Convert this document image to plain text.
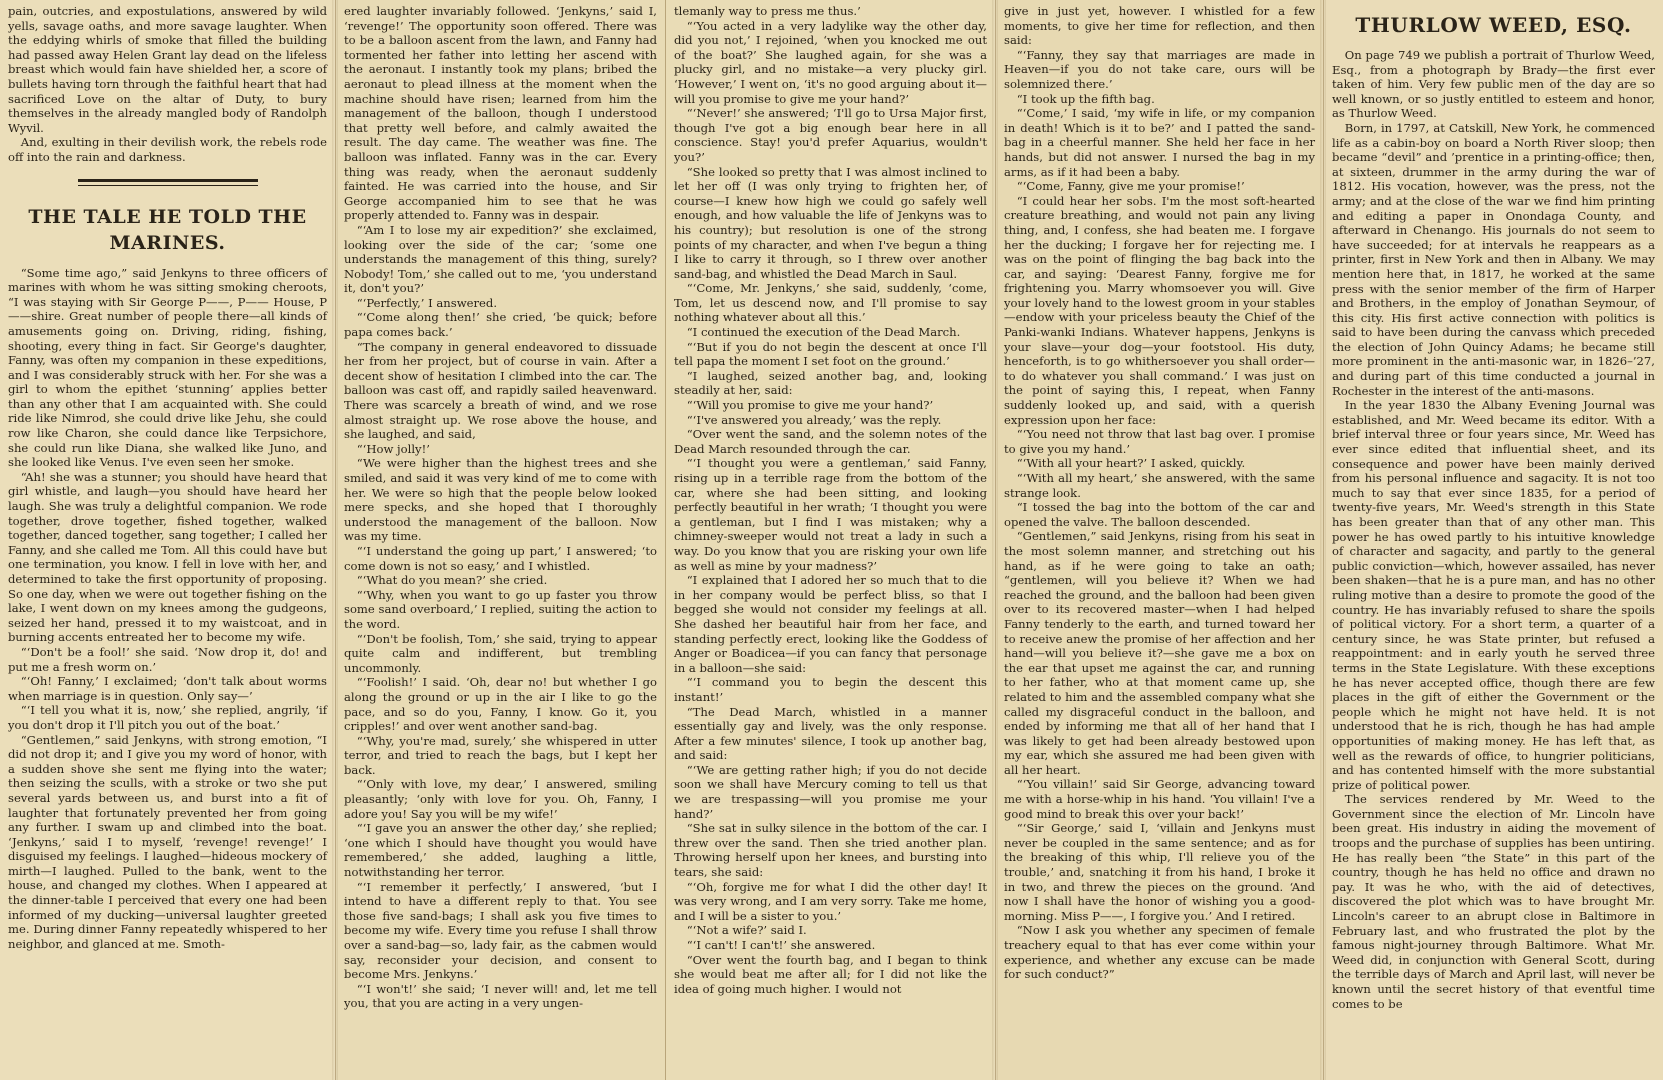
pain, outcries, and expostulations, answered by wild yells, savage oaths, and more savage laughter. When the eddying whirls of smoke that filled the building had passed away Helen Grant lay dead on the lifeless breast which would fain have shielded her, a score of bullets having torn through the faithful heart that had sacrificed Love on the altar of Duty, to bury themselves in the already mangled body of Randolph Wyvil.

And, exulting in their devilish work, the rebels rode off into the rain and darkness.

THE TALE HE TOLD THE MARINES.

“Some time ago,” said Jenkyns to three officers of marines with whom he was sitting smoking cheroots, “I was staying with Sir George P——, P—— House, P——shire. Great number of people there—all kinds of amusements going on. Driving, riding, fishing, shooting, every thing in fact. Sir George's daughter, Fanny, was often my companion in these expeditions, and I was considerably struck with her. For she was a girl to whom the epithet ‘stunning’ applies better than any other that I am acquainted with. She could ride like Nimrod, she could drive like Jehu, she could row like Charon, she could dance like Terpsichore, she could run like Diana, she walked like Juno, and she looked like Venus. I've even seen her smoke.

“Ah! she was a stunner; you should have heard that girl whistle, and laugh—you should have heard her laugh. She was truly a delightful companion. We rode together, drove together, fished together, walked together, danced together, sang together; I called her Fanny, and she called me Tom. All this could have but one termination, you know. I fell in love with her, and determined to take the first opportunity of proposing. So one day, when we were out together fishing on the lake, I went down on my knees among the gudgeons, seized her hand, pressed it to my waistcoat, and in burning accents entreated her to become my wife.

“‘Don't be a fool!’ she said. ‘Now drop it, do! and put me a fresh worm on.’

“‘Oh! Fanny,’ I exclaimed; ‘don't talk about worms when marriage is in question. Only say—’

“‘I tell you what it is, now,’ she replied, angrily, ‘if you don't drop it I'll pitch you out of the boat.’

“Gentlemen,” said Jenkyns, with strong emotion, “I did not drop it; and I give you my word of honor, with a sudden shove she sent me flying into the water; then seizing the sculls, with a stroke or two she put several yards between us, and burst into a fit of laughter that fortunately prevented her from going any further. I swam up and climbed into the boat. ‘Jenkyns,’ said I to myself, ‘revenge! revenge!’ I disguised my feelings. I laughed—hideous mockery of mirth—I laughed. Pulled to the bank, went to the house, and changed my clothes. When I appeared at the dinner-table I perceived that every one had been informed of my ducking—universal laughter greeted me. During dinner Fanny repeatedly whispered to her neighbor, and glanced at me. Smoth-

ered laughter invariably followed. ‘Jenkyns,’ said I, ‘revenge!’ The opportunity soon offered. There was to be a balloon ascent from the lawn, and Fanny had tormented her father into letting her ascend with the aeronaut. I instantly took my plans; bribed the aeronaut to plead illness at the moment when the machine should have risen; learned from him the management of the balloon, though I understood that pretty well before, and calmly awaited the result. The day came. The weather was fine. The balloon was inflated. Fanny was in the car. Every thing was ready, when the aeronaut suddenly fainted. He was carried into the house, and Sir George accompanied him to see that he was properly attended to. Fanny was in despair.

“‘Am I to lose my air expedition?’ she exclaimed, looking over the side of the car; ‘some one understands the management of this thing, surely? Nobody! Tom,’ she called out to me, ‘you understand it, don't you?’

“‘Perfectly,’ I answered.

“‘Come along then!’ she cried, ‘be quick; before papa comes back.’

“The company in general endeavored to dissuade her from her project, but of course in vain. After a decent show of hesitation I climbed into the car. The balloon was cast off, and rapidly sailed heavenward. There was scarcely a breath of wind, and we rose almost straight up. We rose above the house, and she laughed, and said,

“‘How jolly!’

“We were higher than the highest trees and she smiled, and said it was very kind of me to come with her. We were so high that the people below looked mere specks, and she hoped that I thoroughly understood the management of the balloon. Now was my time.

“‘I understand the going up part,’ I answered; ‘to come down is not so easy,’ and I whistled.

“‘What do you mean?’ she cried.

“‘Why, when you want to go up faster you throw some sand overboard,’ I replied, suiting the action to the word.

“‘Don't be foolish, Tom,’ she said, trying to appear quite calm and indifferent, but trembling uncommonly.

“‘Foolish!’ I said. ‘Oh, dear no! but whether I go along the ground or up in the air I like to go the pace, and so do you, Fanny, I know. Go it, you cripples!’ and over went another sand-bag.

“‘Why, you're mad, surely,’ she whispered in utter terror, and tried to reach the bags, but I kept her back.

“‘Only with love, my dear,’ I answered, smiling pleasantly; ‘only with love for you. Oh, Fanny, I adore you! Say you will be my wife!’

“‘I gave you an answer the other day,’ she replied; ‘one which I should have thought you would have remembered,’ she added, laughing a little, notwithstanding her terror.

“‘I remember it perfectly,’ I answered, ‘but I intend to have a different reply to that. You see those five sand-bags; I shall ask you five times to become my wife. Every time you refuse I shall throw over a sand-bag—so, lady fair, as the cabmen would say, reconsider your decision, and consent to become Mrs. Jenkyns.’

“‘I won't!’ she said; ‘I never will! and, let me tell you, that you are acting in a very ungen-

tlemanly way to press me thus.’

“‘You acted in a very ladylike way the other day, did you not,’ I rejoined, ‘when you knocked me out of the boat?’ She laughed again, for she was a plucky girl, and no mistake—a very plucky girl. ‘However,’ I went on, ‘it's no good arguing about it—will you promise to give me your hand?’

“‘Never!’ she answered; ‘I'll go to Ursa Major first, though I've got a big enough bear here in all conscience. Stay! you'd prefer Aquarius, wouldn't you?’

“She looked so pretty that I was almost inclined to let her off (I was only trying to frighten her, of course—I knew how high we could go safely well enough, and how valuable the life of Jenkyns was to his country); but resolution is one of the strong points of my character, and when I've begun a thing I like to carry it through, so I threw over another sand-bag, and whistled the Dead March in Saul.

“‘Come, Mr. Jenkyns,’ she said, suddenly, ‘come, Tom, let us descend now, and I'll promise to say nothing whatever about all this.’

“I continued the execution of the Dead March.

“‘But if you do not begin the descent at once I'll tell papa the moment I set foot on the ground.’

“I laughed, seized another bag, and, looking steadily at her, said:

“‘Will you promise to give me your hand?’

“‘I've answered you already,’ was the reply.

“Over went the sand, and the solemn notes of the Dead March resounded through the car.

“‘I thought you were a gentleman,’ said Fanny, rising up in a terrible rage from the bottom of the car, where she had been sitting, and looking perfectly beautiful in her wrath; ‘I thought you were a gentleman, but I find I was mistaken; why a chimney-sweeper would not treat a lady in such a way. Do you know that you are risking your own life as well as mine by your madness?’

“I explained that I adored her so much that to die in her company would be perfect bliss, so that I begged she would not consider my feelings at all. She dashed her beautiful hair from her face, and standing perfectly erect, looking like the Goddess of Anger or Boadicea—if you can fancy that personage in a balloon—she said:

“‘I command you to begin the descent this instant!’

“The Dead March, whistled in a manner essentially gay and lively, was the only response. After a few minutes' silence, I took up another bag, and said:

“‘We are getting rather high; if you do not decide soon we shall have Mercury coming to tell us that we are trespassing—will you promise me your hand?’

“She sat in sulky silence in the bottom of the car. I threw over the sand. Then she tried another plan. Throwing herself upon her knees, and bursting into tears, she said:

“‘Oh, forgive me for what I did the other day! It was very wrong, and I am very sorry. Take me home, and I will be a sister to you.’

“‘Not a wife?’ said I.

“‘I can't! I can't!’ she answered.

“Over went the fourth bag, and I began to think she would beat me after all; for I did not like the idea of going much higher. I would not

give in just yet, however. I whistled for a few moments, to give her time for reflection, and then said:

“‘Fanny, they say that marriages are made in Heaven—if you do not take care, ours will be solemnized there.’

“I took up the fifth bag.

“‘Come,’ I said, ‘my wife in life, or my companion in death! Which is it to be?’ and I patted the sand-bag in a cheerful manner. She held her face in her hands, but did not answer. I nursed the bag in my arms, as if it had been a baby.

“‘Come, Fanny, give me your promise!’

“I could hear her sobs. I'm the most soft-hearted creature breathing, and would not pain any living thing, and, I confess, she had beaten me. I forgave her the ducking; I forgave her for rejecting me. I was on the point of flinging the bag back into the car, and saying: ‘Dearest Fanny, forgive me for frightening you. Marry whomsoever you will. Give your lovely hand to the lowest groom in your stables—endow with your priceless beauty the Chief of the Panki-wanki Indians. Whatever happens, Jenkyns is your slave—your dog—your footstool. His duty, henceforth, is to go whithersoever you shall order—to do whatever you shall command.’ I was just on the point of saying this, I repeat, when Fanny suddenly looked up, and said, with a querish expression upon her face:

“‘You need not throw that last bag over. I promise to give you my hand.’

“‘With all your heart?’ I asked, quickly.

“‘With all my heart,’ she answered, with the same strange look.

“I tossed the bag into the bottom of the car and opened the valve. The balloon descended.

“Gentlemen,” said Jenkyns, rising from his seat in the most solemn manner, and stretching out his hand, as if he were going to take an oath; “gentlemen, will you believe it? When we had reached the ground, and the balloon had been given over to its recovered master—when I had helped Fanny tenderly to the earth, and turned toward her to receive anew the promise of her affection and her hand—will you believe it?—she gave me a box on the ear that upset me against the car, and running to her father, who at that moment came up, she related to him and the assembled company what she called my disgraceful conduct in the balloon, and ended by informing me that all of her hand that I was likely to get had been already bestowed upon my ear, which she assured me had been given with all her heart.

“‘You villain!’ said Sir George, advancing toward me with a horse-whip in his hand. ‘You villain! I've a good mind to break this over your back!’

“‘Sir George,’ said I, ‘villain and Jenkyns must never be coupled in the same sentence; and as for the breaking of this whip, I'll relieve you of the trouble,’ and, snatching it from his hand, I broke it in two, and threw the pieces on the ground. ‘And now I shall have the honor of wishing you a good-morning. Miss P——, I forgive you.’ And I retired.

“Now I ask you whether any specimen of female treachery equal to that has ever come within your experience, and whether any excuse can be made for such conduct?”

THURLOW WEED, ESQ.

On page 749 we publish a portrait of Thurlow Weed, Esq., from a photograph by Brady—the first ever taken of him. Very few public men of the day are so well known, or so justly entitled to esteem and honor, as Thurlow Weed.

Born, in 1797, at Catskill, New York, he commenced life as a cabin-boy on board a North River sloop; then became “devil” and ’prentice in a printing-office; then, at sixteen, drummer in the army during the war of 1812. His vocation, however, was the press, not the army; and at the close of the war we find him printing and editing a paper in Onondaga County, and afterward in Chenango. His journals do not seem to have succeeded; for at intervals he reappears as a printer, first in New York and then in Albany. We may mention here that, in 1817, he worked at the same press with the senior member of the firm of Harper and Brothers, in the employ of Jonathan Seymour, of this city. His first active connection with politics is said to have been during the canvass which preceded the election of John Quincy Adams; he became still more prominent in the anti-masonic war, in 1826–’27, and during part of this time conducted a journal in Rochester in the interest of the anti-masons.

In the year 1830 the Albany Evening Journal was established, and Mr. Weed became its editor. With a brief interval three or four years since, Mr. Weed has ever since edited that influential sheet, and its consequence and power have been mainly derived from his personal influence and sagacity. It is not too much to say that ever since 1835, for a period of twenty-five years, Mr. Weed's strength in this State has been greater than that of any other man. This power he has owed partly to his intuitive knowledge of character and sagacity, and partly to the general public conviction—which, however assailed, has never been shaken—that he is a pure man, and has no other ruling motive than a desire to promote the good of the country. He has invariably refused to share the spoils of political victory. For a short term, a quarter of a century since, he was State printer, but refused a reappointment: and in early youth he served three terms in the State Legislature. With these exceptions he has never accepted office, though there are few places in the gift of either the Government or the people which he might not have held. It is not understood that he is rich, though he has had ample opportunities of making money. He has left that, as well as the rewards of office, to hungrier politicians, and has contented himself with the more substantial prize of political power.

The services rendered by Mr. Weed to the Government since the election of Mr. Lincoln have been great. His industry in aiding the movement of troops and the purchase of supplies has been untiring. He has really been “the State” in this part of the country, though he has held no office and drawn no pay. It was he who, with the aid of detectives, discovered the plot which was to have brought Mr. Lincoln's career to an abrupt close in Baltimore in February last, and who frustrated the plot by the famous night-journey through Baltimore. What Mr. Weed did, in conjunction with General Scott, during the terrible days of March and April last, will never be known until the secret history of that eventful time comes to be
